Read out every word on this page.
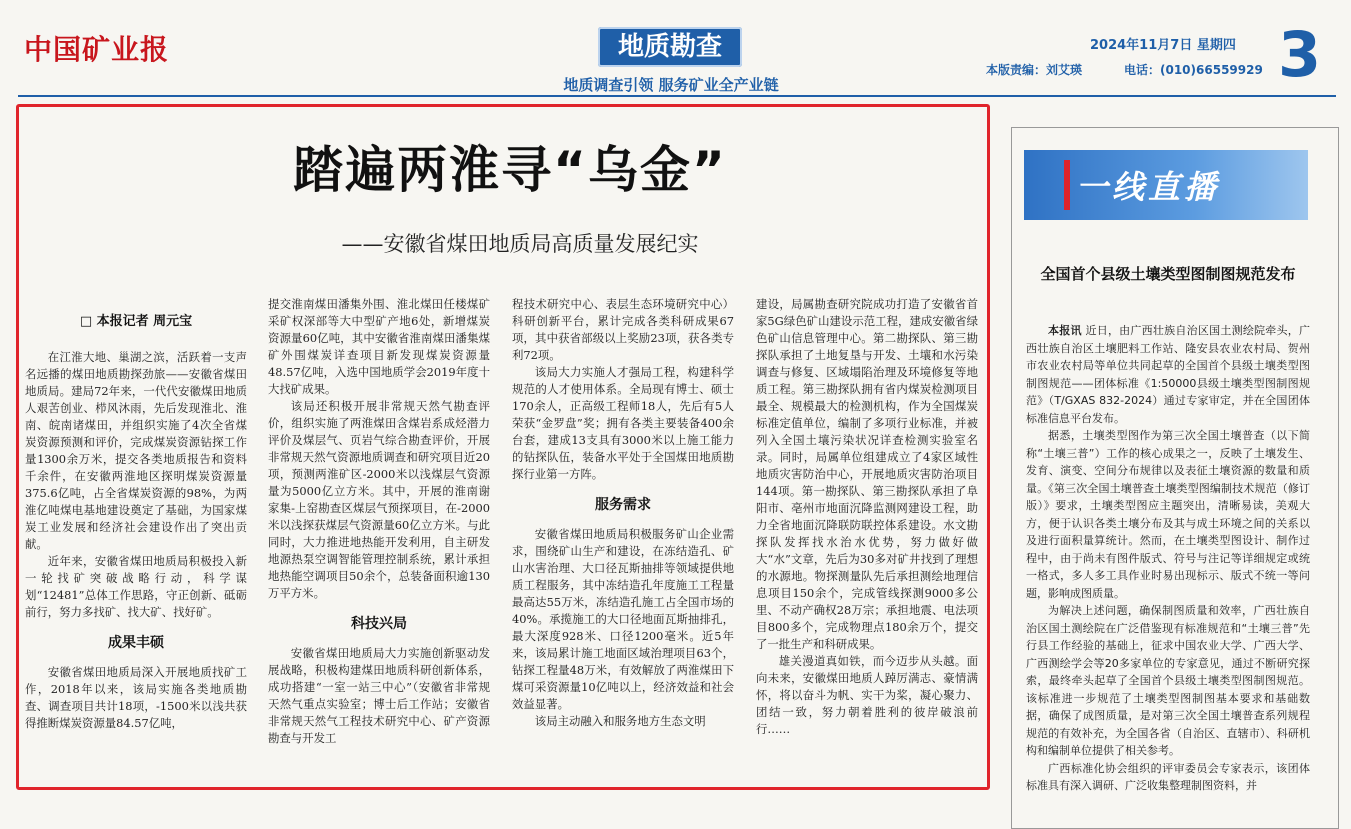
中国矿业报	地质勘查
地质调查引领 服务矿业全产业链
2024年11月7日 星期四
本版责编：刘艾瑛	电话：(010)66559929 3
踏遍两淮寻“乌金”
——安徽省煤田地质局高质量发展纪实
□ 本报记者 周元宝

在江淮大地、巢湖之滨，活跃着一支声名远播的煤田地质勘探劲旅——安徽省煤田地质局。建局72年来，一代代安徽煤田地质人艰苦创业、栉风沐雨，先后发现淮北、淮南、皖南诸煤田，并组织实施了4次全省煤炭资源预测和评价，完成煤炭资源钻探工作量1300余万米，提交各类地质报告和资料千余件，在安徽两淮地区探明煤炭资源量375.6亿吨，占全省煤炭资源的98%，为两淮亿吨煤电基地建设奠定了基础，为国家煤炭工业发展和经济社会建设作出了突出贡献。

近年来，安徽省煤田地质局积极投入新一轮找矿突破战略行动，科学谋划“12481”总体工作思路，守正创新、砥砺前行，努力多找矿、找大矿、找好矿。

成果丰硕

安徽省煤田地质局深入开展地质找矿工作，2018年以来，该局实施各类地质勘查、调查项目共计18项，-1500米以浅共获得推断煤炭资源量84.57亿吨，

提交淮南煤田潘集外围、淮北煤田任楼煤矿采矿权深部等大中型矿产地6处，新增煤炭资源量60亿吨，其中安徽省淮南煤田潘集煤矿外围煤炭详查项目新发现煤炭资源量48.57亿吨，入选中国地质学会2019年度十大找矿成果。

该局还积极开展非常规天然气勘查评价，组织实施了两淮煤田含煤岩系成烃潜力评价及煤层气、页岩气综合勘查评价，开展非常规天然气资源地质调查和研究项目近20项，预测两淮矿区-2000米以浅煤层气资源量为5000亿立方米。其中，开展的淮南谢家集-上窑勘查区煤层气预探项目，在-2000米以浅探获煤层气资源量60亿立方米。与此同时，大力推进地热能开发利用，自主研发地源热泵空调智能管理控制系统，累计承担地热能空调项目50余个，总装备面积逾130万平方米。

科技兴局

安徽省煤田地质局大力实施创新驱动发展战略，积极构建煤田地质科研创新体系，成功搭建“一室一站三中心”（安徽省非常规天然气重点实验室；博士后工作站；安徽省非常规天然气工程技术研究中心、矿产资源勘查与开发工

程技术研究中心、表层生态环境研究中心）科研创新平台，累计完成各类科研成果67项，其中获省部级以上奖励23项，获各类专利72项。

该局大力实施人才强局工程，构建科学规范的人才使用体系。全局现有博士、硕士170余人，正高级工程师18人，先后有5人荣获“金罗盘”奖；拥有各类主要装备400余台套，建成13支具有3000米以上施工能力的钻探队伍，装备水平处于全国煤田地质勘探行业第一方阵。

服务需求

安徽省煤田地质局积极服务矿山企业需求，围绕矿山生产和建设，在冻结造孔、矿山水害治理、大口径瓦斯抽排等领域提供地质工程服务，其中冻结造孔年度施工工程量最高达55万米，冻结造孔施工占全国市场的40%。承揽施工的大口径地面瓦斯抽排孔，最大深度928米、口径1200毫米。近5年来，该局累计施工地面区域治理项目63个，钻探工程量48万米，有效解放了两淮煤田下煤可采资源量10亿吨以上，经济效益和社会效益显著。

该局主动融入和服务地方生态文明

建设，局属勘查研究院成功打造了安徽省首家5G绿色矿山建设示范工程，建成安徽省绿色矿山信息管理中心。第二勘探队、第三勘探队承担了土地复垦与开发、土壤和水污染调查与修复、区域塌陷治理及环境修复等地质工程。第三勘探队拥有省内煤炭检测项目最全、规模最大的检测机构，作为全国煤炭标准定值单位，编制了多项行业标准，并被列入全国土壤污染状况详查检测实验室名录。同时，局属单位组建成立了4家区域性地质灾害防治中心，开展地质灾害防治项目144项。第一勘探队、第三勘探队承担了阜阳市、亳州市地面沉降监测网建设工程，助力全省地面沉降联防联控体系建设。水文勘探队发挥找水治水优势，努力做好做大“水”文章，先后为30多对矿井找到了理想的水源地。物探测量队先后承担测绘地理信息项目150余个，完成管线探测9000多公里、不动产确权28万宗；承担地震、电法项目800多个，完成物理点180余万个，提交了一批生产和科研成果。

雄关漫道真如铁，而今迈步从头越。面向未来，安徽煤田地质人踔厉满志、豪情满怀，将以奋斗为帆、实干为桨，凝心聚力、团结一致，努力朝着胜利的彼岸破浪前行……

一线直播
全国首个县级土壤类型图制图规范发布

本报讯 近日，由广西壮族自治区国土测绘院牵头，广西壮族自治区土壤肥料工作站、隆安县农业农村局、贺州市农业农村局等单位共同起草的全国首个县级土壤类型图制图规范——团体标准《1:50000县级土壤类型图制图规范》（T/GXAS 832-2024）通过专家审定，并在全国团体标准信息平台发布。

据悉，土壤类型图作为第三次全国土壤普查（以下简称“土壤三普”）工作的核心成果之一，反映了土壤发生、发育、演变、空间分布规律以及表征土壤资源的数量和质量。《第三次全国土壤普查土壤类型图编制技术规范（修订版）》要求，土壤类型图应主题突出，清晰易读，美观大方，便于认识各类土壤分布及其与成土环境之间的关系以及进行面积量算统计。然而，在土壤类型图设计、制作过程中，由于尚未有图件版式、符号与注记等详细规定或统一格式，多人多工具作业时易出现标示、版式不统一等问题，影响成图质量。

为解决上述问题，确保制图质量和效率，广西壮族自治区国土测绘院在广泛借鉴现有标准规范和“土壤三普”先行县工作经验的基础上，征求中国农业大学、广西大学、广西测绘学会等20多家单位的专家意见，通过不断研究探索，最终牵头起草了全国首个县级土壤类型图制图规范。该标准进一步规范了土壤类型图制图基本要求和基础数据，确保了成图质量，是对第三次全国土壤普查系列规程规范的有效补充，为全国各省（自治区、直辖市）、科研机构和编制单位提供了相关参考。

广西标准化协会组织的评审委员会专家表示，该团体标准具有深入调研、广泛收集整理制图资料，并
